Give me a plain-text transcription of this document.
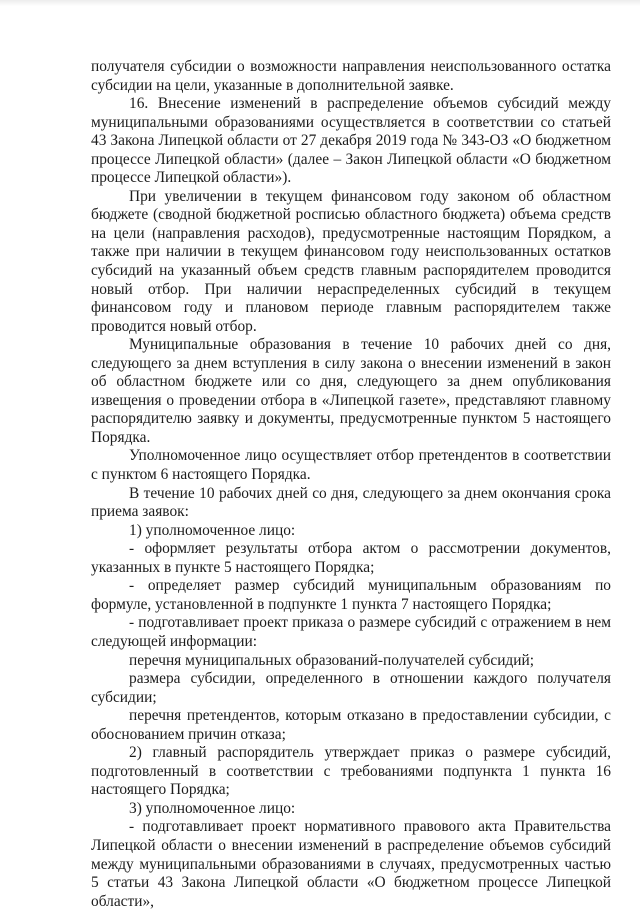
получателя субсидии о возможности направления неиспользованного остатка субсидии на цели, указанные в дополнительной заявке.

16. Внесение изменений в распределение объемов субсидий между муниципальными образованиями осуществляется в соответствии со статьей 43 Закона Липецкой области от 27 декабря 2019 года № 343-ОЗ «О бюджетном процессе Липецкой области» (далее – Закон Липецкой области «О бюджетном процессе Липецкой области»).

При увеличении в текущем финансовом году законом об областном бюджете (сводной бюджетной росписью областного бюджета) объема средств на цели (направления расходов), предусмотренные настоящим Порядком, а также при наличии в текущем финансовом году неиспользованных остатков субсидий на указанный объем средств главным распорядителем проводится новый отбор. При наличии нераспределенных субсидий в текущем финансовом году и плановом периоде главным распорядителем также проводится новый отбор.

Муниципальные образования в течение 10 рабочих дней со дня, следующего за днем вступления в силу закона о внесении изменений в закон об областном бюджете или со дня, следующего за днем опубликования извещения о проведении отбора в «Липецкой газете», представляют главному распорядителю заявку и документы, предусмотренные пунктом 5 настоящего Порядка.

Уполномоченное лицо осуществляет отбор претендентов в соответствии с пунктом 6 настоящего Порядка.

В течение 10 рабочих дней со дня, следующего за днем окончания срока приема заявок:

1) уполномоченное лицо:

- оформляет результаты отбора актом о рассмотрении документов, указанных в пункте 5 настоящего Порядка;

- определяет размер субсидий муниципальным образованиям по формуле, установленной в подпункте 1 пункта 7 настоящего Порядка;

- подготавливает проект приказа о размере субсидий с отражением в нем следующей информации:

перечня муниципальных образований-получателей субсидий;

размера субсидии, определенного в отношении каждого получателя субсидии;

перечня претендентов, которым отказано в предоставлении субсидии, с обоснованием причин отказа;

2) главный распорядитель утверждает приказ о размере субсидий, подготовленный в соответствии с требованиями подпункта 1 пункта 16 настоящего Порядка;

3) уполномоченное лицо:

- подготавливает проект нормативного правового акта Правительства Липецкой области о внесении изменений в распределение объемов субсидий между муниципальными образованиями в случаях, предусмотренных частью 5 статьи 43 Закона Липецкой области «О бюджетном процессе Липецкой области»,
